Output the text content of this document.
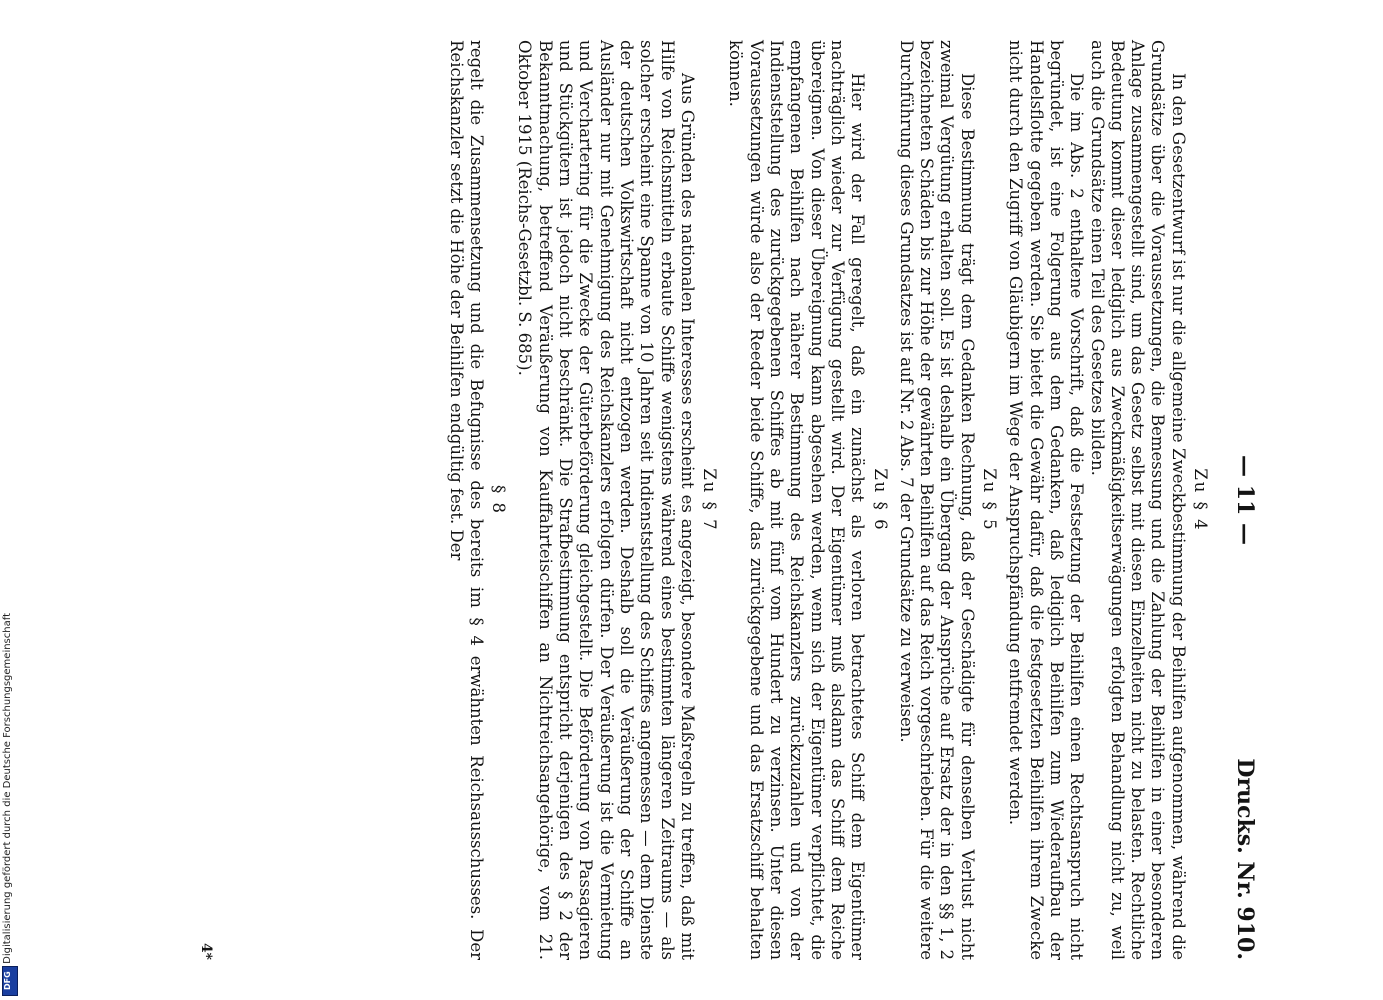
Digitalisierung gefördert durch die Deutsche Forschungsgemeinschaft
DFG
— 11 —
Drucks. Nr. 910.
Zu § 4

In den Gesetzentwurf ist nur die allgemeine Zweckbestimmung der Beihilfen aufgenommen, während die Grundsätze über die Voraussetzungen, die Bemessung und die Zahlung der Beihilfen in einer besonderen Anlage zusammengestellt sind, um das Gesetz selbst mit diesen Einzelheiten nicht zu belasten. Rechtliche Bedeutung kommt dieser lediglich aus Zweckmäßigkeitserwägungen erfolgten Behandlung nicht zu, weil auch die Grundsätze einen Teil des Gesetzes bilden.

Die im Abs. 2 enthaltene Vorschrift, daß die Festsetzung der Beihilfen einen Rechtsanspruch nicht begründet, ist eine Folgerung aus dem Gedanken, daß lediglich Beihilfen zum Wiederaufbau der Handelsflotte gegeben werden. Sie bietet die Gewähr dafür, daß die festgesetzten Beihilfen ihrem Zwecke nicht durch den Zugriff von Gläubigern im Wege der Anspruchspfändung entfremdet werden.

Zu § 5

Diese Bestimmung trägt dem Gedanken Rechnung, daß der Geschädigte für denselben Verlust nicht zweimal Vergütung erhalten soll. Es ist deshalb ein Übergang der Ansprüche auf Ersatz der in den §§ 1, 2 bezeichneten Schäden bis zur Höhe der gewährten Beihilfen auf das Reich vorgeschrieben. Für die weitere Durchführung dieses Grundsatzes ist auf Nr. 2 Abs. 7 der Grundsätze zu verweisen.

Zu § 6

Hier wird der Fall geregelt, daß ein zunächst als verloren betrachtetes Schiff dem Eigentümer nachträglich wieder zur Verfügung gestellt wird. Der Eigentümer muß alsdann das Schiff dem Reiche übereignen. Von dieser Übereignung kann abgesehen werden, wenn sich der Eigentümer verpflichtet, die empfangenen Beihilfen nach näherer Bestimmung des Reichskanzlers zurückzuzahlen und von der Indienststellung des zurückgegebenen Schiffes ab mit fünf vom Hundert zu verzinsen. Unter diesen Voraussetzungen würde also der Reeder beide Schiffe, das zurückgegebene und das Ersatzschiff behalten können.

Zu § 7

Aus Gründen des nationalen Interesses erscheint es angezeigt, besondere Maßregeln zu treffen, daß mit Hilfe von Reichsmitteln erbaute Schiffe wenigstens während eines bestimmten längeren Zeitraums — als solcher erscheint eine Spanne von 10 Jahren seit Indienststellung des Schiffes angemessen — dem Dienste der deutschen Volkswirtschaft nicht entzogen werden. Deshalb soll die Veräußerung der Schiffe an Ausländer nur mit Genehmigung des Reichskanzlers erfolgen dürfen. Der Veräußerung ist die Vermietung und Verchartering für die Zwecke der Güterbeförderung gleichgestellt. Die Beförderung von Passagieren und Stückgütern ist jedoch nicht beschränkt. Die Strafbestimmung entspricht derjenigen des § 2 der Bekanntmachung, betreffend Veräußerung von Kauffahrteischiffen an Nichtreichsangehörige, vom 21. Oktober 1915 (Reichs-Gesetzbl. S. 685).

§ 8

regelt die Zusammensetzung und die Befugnisse des bereits im § 4 erwähnten Reichsausschusses. Der Reichskanzler setzt die Höhe der Beihilfen endgültig fest. Der

4*
